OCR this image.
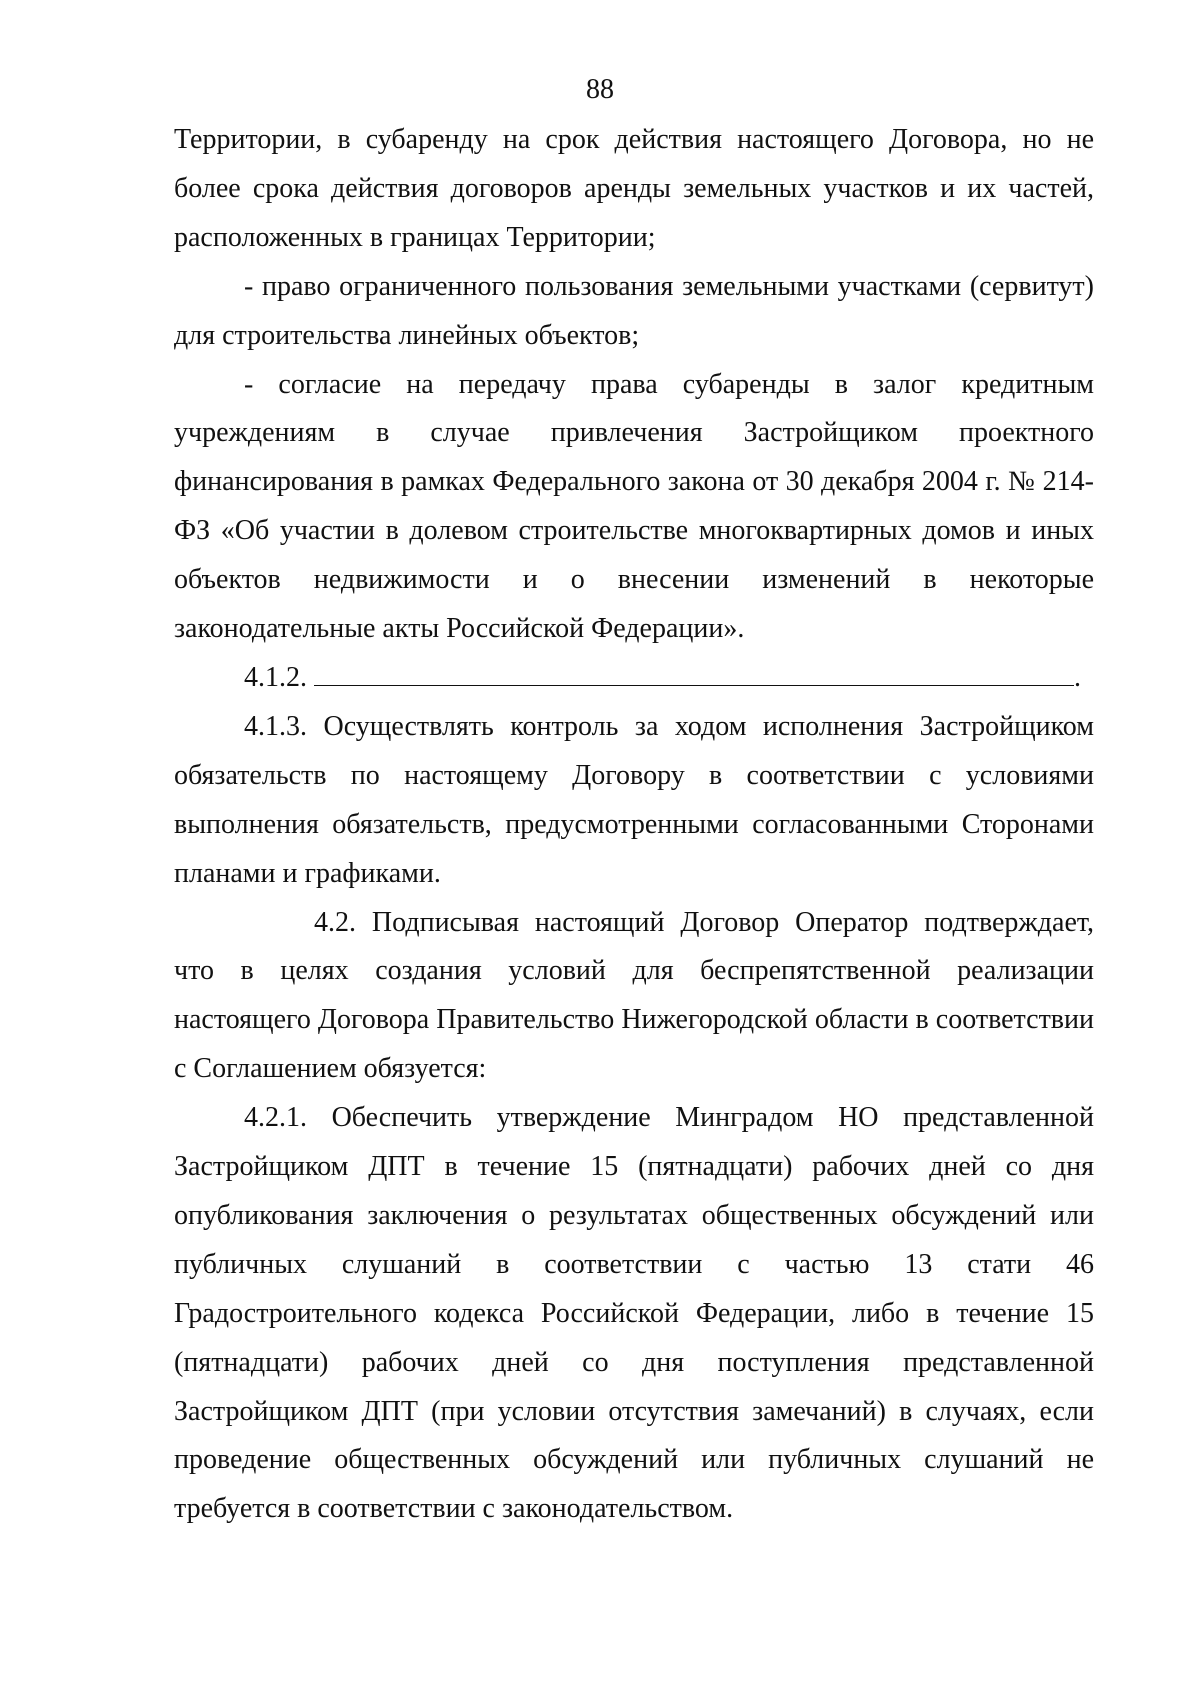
88

Территории, в субаренду на срок действия настоящего Договора, но не более срока действия договоров аренды земельных участков и их частей, расположенных в границах Территории;

- право ограниченного пользования земельными участками (сервитут) для строительства линейных объектов;

- согласие на передачу права субаренды в залог кредитным учреждениям в случае привлечения Застройщиком проектного финансирования в рамках Федерального закона от 30 декабря 2004 г. № 214-ФЗ «Об участии в долевом строительстве многоквартирных домов и иных объектов недвижимости и о внесении изменений в некоторые законодательные акты Российской Федерации».

4.1.2.	.

4.1.3. Осуществлять контроль за ходом исполнения Застройщиком обязательств по настоящему Договору в соответствии с условиями выполнения обязательств, предусмотренными согласованными Сторонами планами и графиками.

4.2. Подписывая настоящий Договор Оператор подтверждает, что в целях создания условий для беспрепятственной реализации настоящего Договора Правительство Нижегородской области в соответствии с Соглашением обязуется:

4.2.1. Обеспечить утверждение Минградом НО представленной Застройщиком ДПТ в течение 15 (пятнадцати) рабочих дней со дня опубликования заключения о результатах общественных обсуждений или публичных слушаний в соответствии с частью 13 стати 46 Градостроительного кодекса Российской Федерации, либо в течение 15 (пятнадцати) рабочих дней со дня поступления представленной Застройщиком ДПТ (при условии отсутствия замечаний) в случаях, если проведение общественных обсуждений или публичных слушаний не требуется в соответствии с законодательством.
